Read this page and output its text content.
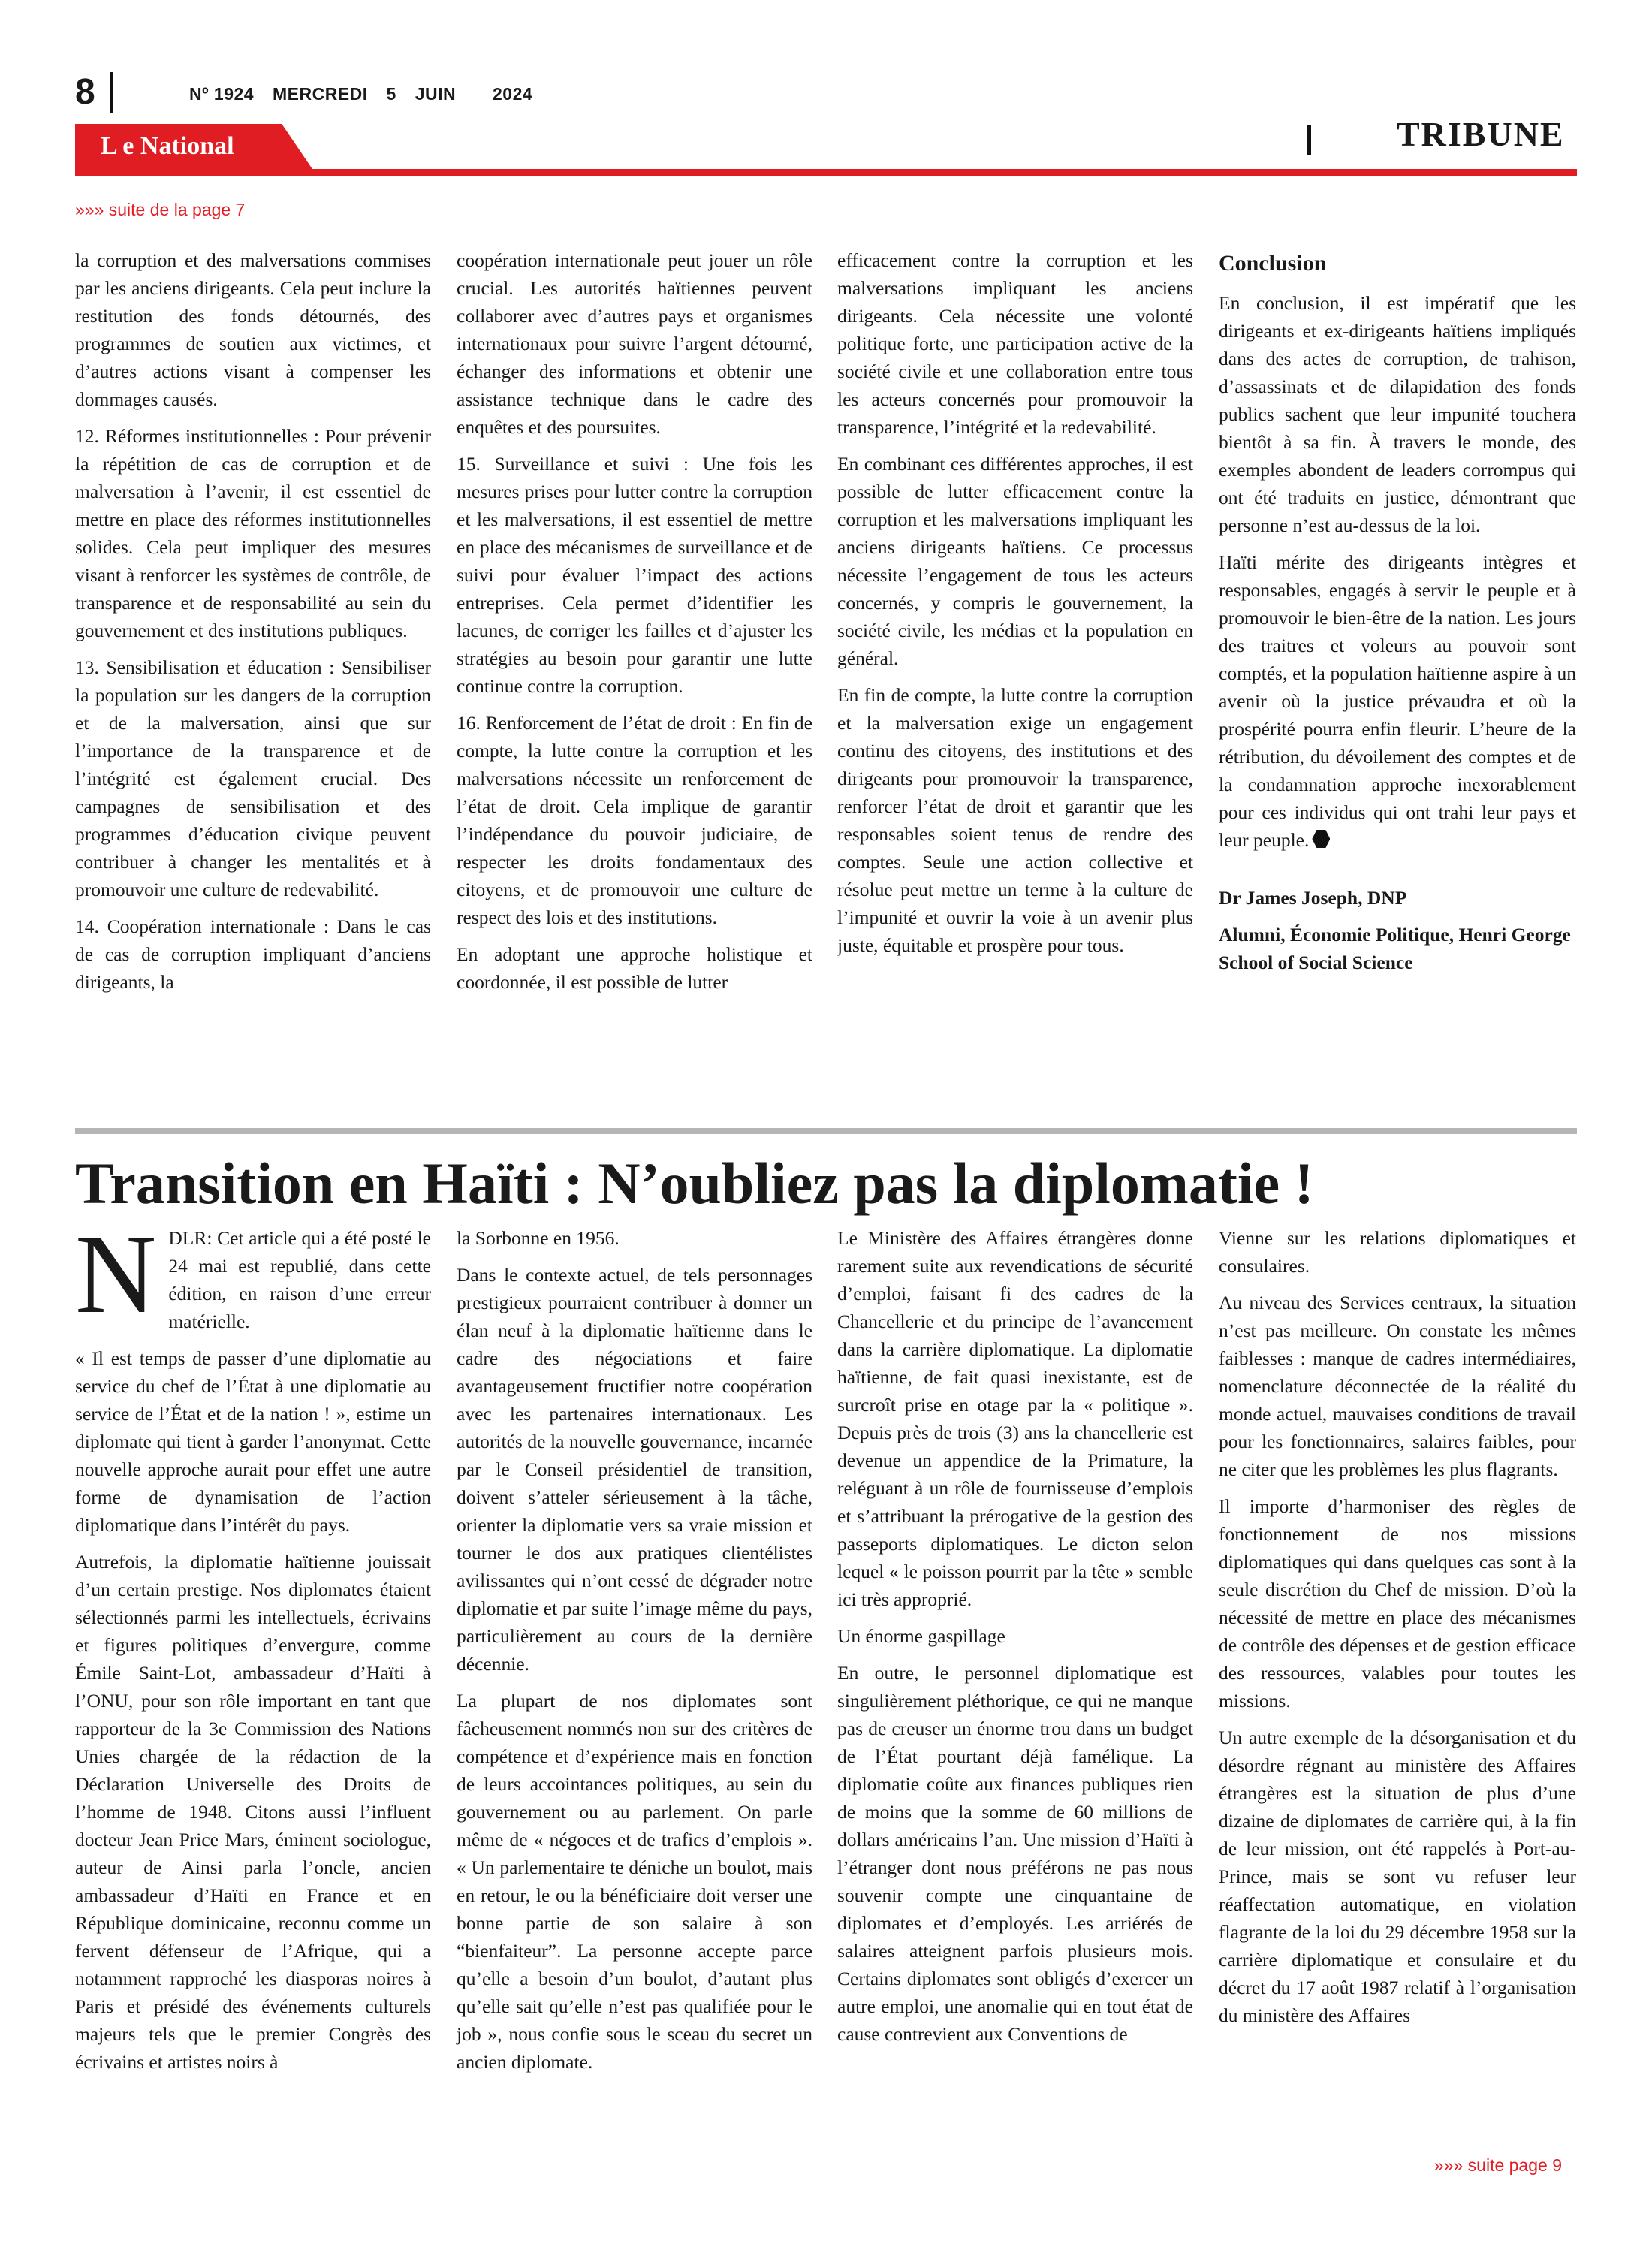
8	Nº 1924 MERCREDI 5 JUIN 2024
L e National	TRIBUNE
»»» suite de la page 7

la corruption et des malversations commises par les anciens dirigeants. Cela peut inclure la restitution des fonds détournés, des programmes de soutien aux victimes, et d’autres actions visant à compenser les dommages causés.

12. Réformes institutionnelles : Pour prévenir la répétition de cas de corruption et de malversation à l’avenir, il est essentiel de mettre en place des réformes institutionnelles solides. Cela peut impliquer des mesures visant à renforcer les systèmes de contrôle, de transparence et de responsabilité au sein du gouvernement et des institutions publiques.

13. Sensibilisation et éducation : Sensibiliser la population sur les dangers de la corruption et de la malversation, ainsi que sur l’importance de la transparence et de l’intégrité est également crucial. Des campagnes de sensibilisation et des programmes d’éducation civique peuvent contribuer à changer les mentalités et à promouvoir une culture de redevabilité.

14. Coopération internationale : Dans le cas de cas de corruption impliquant d’anciens dirigeants, la

coopération internationale peut jouer un rôle crucial. Les autorités haïtiennes peuvent collaborer avec d’autres pays et organismes internationaux pour suivre l’argent détourné, échanger des informations et obtenir une assistance technique dans le cadre des enquêtes et des poursuites.

15. Surveillance et suivi : Une fois les mesures prises pour lutter contre la corruption et les malversations, il est essentiel de mettre en place des mécanismes de surveillance et de suivi pour évaluer l’impact des actions entreprises. Cela permet d’identifier les lacunes, de corriger les failles et d’ajuster les stratégies au besoin pour garantir une lutte continue contre la corruption.

16. Renforcement de l’état de droit : En fin de compte, la lutte contre la corruption et les malversations nécessite un renforcement de l’état de droit. Cela implique de garantir l’indépendance du pouvoir judiciaire, de respecter les droits fondamentaux des citoyens, et de promouvoir une culture de respect des lois et des institutions.

En adoptant une approche holistique et coordonnée, il est possible de lutter

efficacement contre la corruption et les malversations impliquant les anciens dirigeants. Cela nécessite une volonté politique forte, une participation active de la société civile et une collaboration entre tous les acteurs concernés pour promouvoir la transparence, l’intégrité et la redevabilité.

En combinant ces différentes approches, il est possible de lutter efficacement contre la corruption et les malversations impliquant les anciens dirigeants haïtiens. Ce processus nécessite l’engagement de tous les acteurs concernés, y compris le gouvernement, la société civile, les médias et la population en général.

En fin de compte, la lutte contre la corruption et la malversation exige un engagement continu des citoyens, des institutions et des dirigeants pour promouvoir la transparence, renforcer l’état de droit et garantir que les responsables soient tenus de rendre des comptes. Seule une action collective et résolue peut mettre un terme à la culture de l’impunité et ouvrir la voie à un avenir plus juste, équitable et prospère pour tous.

Conclusion

En conclusion, il est impératif que les dirigeants et ex-dirigeants haïtiens impliqués dans des actes de corruption, de trahison, d’assassinats et de dilapidation des fonds publics sachent que leur impunité touchera bientôt à sa fin. À travers le monde, des exemples abondent de leaders corrompus qui ont été traduits en justice, démontrant que personne n’est au-dessus de la loi.

Haïti mérite des dirigeants intègres et responsables, engagés à servir le peuple et à promouvoir le bien-être de la nation. Les jours des traitres et voleurs au pouvoir sont comptés, et la population haïtienne aspire à un avenir où la justice prévaudra et où la prospérité pourra enfin fleurir. L’heure de la rétribution, du dévoilement des comptes et de la condamnation approche inexorablement pour ces individus qui ont trahi leur pays et leur peuple.

Dr James Joseph, DNP

Alumni, Économie Politique, Henri George School of Social Science

Transition en Haïti : N’oubliez pas la diplomatie !

NDLR: Cet article qui a été posté le 24 mai est republié, dans cette édition, en raison d’une erreur matérielle.

« Il est temps de passer d’une diplomatie au service du chef de l’État à une diplomatie au service de l’État et de la nation ! », estime un diplomate qui tient à garder l’anonymat. Cette nouvelle approche aurait pour effet une autre forme de dynamisation de l’action diplomatique dans l’intérêt du pays.

Autrefois, la diplomatie haïtienne jouissait d’un certain prestige. Nos diplomates étaient sélectionnés parmi les intellectuels, écrivains et figures politiques d’envergure, comme Émile Saint-Lot, ambassadeur d’Haïti à l’ONU, pour son rôle important en tant que rapporteur de la 3e Commission des Nations Unies chargée de la rédaction de la Déclaration Universelle des Droits de l’homme de 1948. Citons aussi l’influent docteur Jean Price Mars, éminent sociologue, auteur de Ainsi parla l’oncle, ancien ambassadeur d’Haïti en France et en République dominicaine, reconnu comme un fervent défenseur de l’Afrique, qui a notamment rapproché les diasporas noires à Paris et présidé des événements culturels majeurs tels que le premier Congrès des écrivains et artistes noirs à

la Sorbonne en 1956.

Dans le contexte actuel, de tels personnages prestigieux pourraient contribuer à donner un élan neuf à la diplomatie haïtienne dans le cadre des négociations et faire avantageusement fructifier notre coopération avec les partenaires internationaux. Les autorités de la nouvelle gouvernance, incarnée par le Conseil présidentiel de transition, doivent s’atteler sérieusement à la tâche, orienter la diplomatie vers sa vraie mission et tourner le dos aux pratiques clientélistes avilissantes qui n’ont cessé de dégrader notre diplomatie et par suite l’image même du pays, particulièrement au cours de la dernière décennie.

La plupart de nos diplomates sont fâcheusement nommés non sur des critères de compétence et d’expérience mais en fonction de leurs accointances politiques, au sein du gouvernement ou au parlement. On parle même de « négoces et de trafics d’emplois ». « Un parlementaire te déniche un boulot, mais en retour, le ou la bénéficiaire doit verser une bonne partie de son salaire à son “bienfaiteur”. La personne accepte parce qu’elle a besoin d’un boulot, d’autant plus qu’elle sait qu’elle n’est pas qualifiée pour le job », nous confie sous le sceau du secret un ancien diplomate.

Le Ministère des Affaires étrangères donne rarement suite aux revendications de sécurité d’emploi, faisant fi des cadres de la Chancellerie et du principe de l’avancement dans la carrière diplomatique. La diplomatie haïtienne, de fait quasi inexistante, est de surcroît prise en otage par la « politique ». Depuis près de trois (3) ans la chancellerie est devenue un appendice de la Primature, la reléguant à un rôle de fournisseuse d’emplois et s’attribuant la prérogative de la gestion des passeports diplomatiques. Le dicton selon lequel « le poisson pourrit par la tête » semble ici très approprié.

Un énorme gaspillage

En outre, le personnel diplomatique est singulièrement pléthorique, ce qui ne manque pas de creuser un énorme trou dans un budget de l’État pourtant déjà famélique. La diplomatie coûte aux finances publiques rien de moins que la somme de 60 millions de dollars américains l’an. Une mission d’Haïti à l’étranger dont nous préférons ne pas nous souvenir compte une cinquantaine de diplomates et d’employés. Les arriérés de salaires atteignent parfois plusieurs mois. Certains diplomates sont obligés d’exercer un autre emploi, une anomalie qui en tout état de cause contrevient aux Conventions de

Vienne sur les relations diplomatiques et consulaires.

Au niveau des Services centraux, la situation n’est pas meilleure. On constate les mêmes faiblesses : manque de cadres intermédiaires, nomenclature déconnectée de la réalité du monde actuel, mauvaises conditions de travail pour les fonctionnaires, salaires faibles, pour ne citer que les problèmes les plus flagrants.

Il importe d’harmoniser des règles de fonctionnement de nos missions diplomatiques qui dans quelques cas sont à la seule discrétion du Chef de mission. D’où la nécessité de mettre en place des mécanismes de contrôle des dépenses et de gestion efficace des ressources, valables pour toutes les missions.

Un autre exemple de la désorganisation et du désordre régnant au ministère des Affaires étrangères est la situation de plus d’une dizaine de diplomates de carrière qui, à la fin de leur mission, ont été rappelés à Port-au-Prince, mais se sont vu refuser leur réaffectation automatique, en violation flagrante de la loi du 29 décembre 1958 sur la carrière diplomatique et consulaire et du décret du 17 août 1987 relatif à l’organisation du ministère des Affaires

»»» suite page 9
